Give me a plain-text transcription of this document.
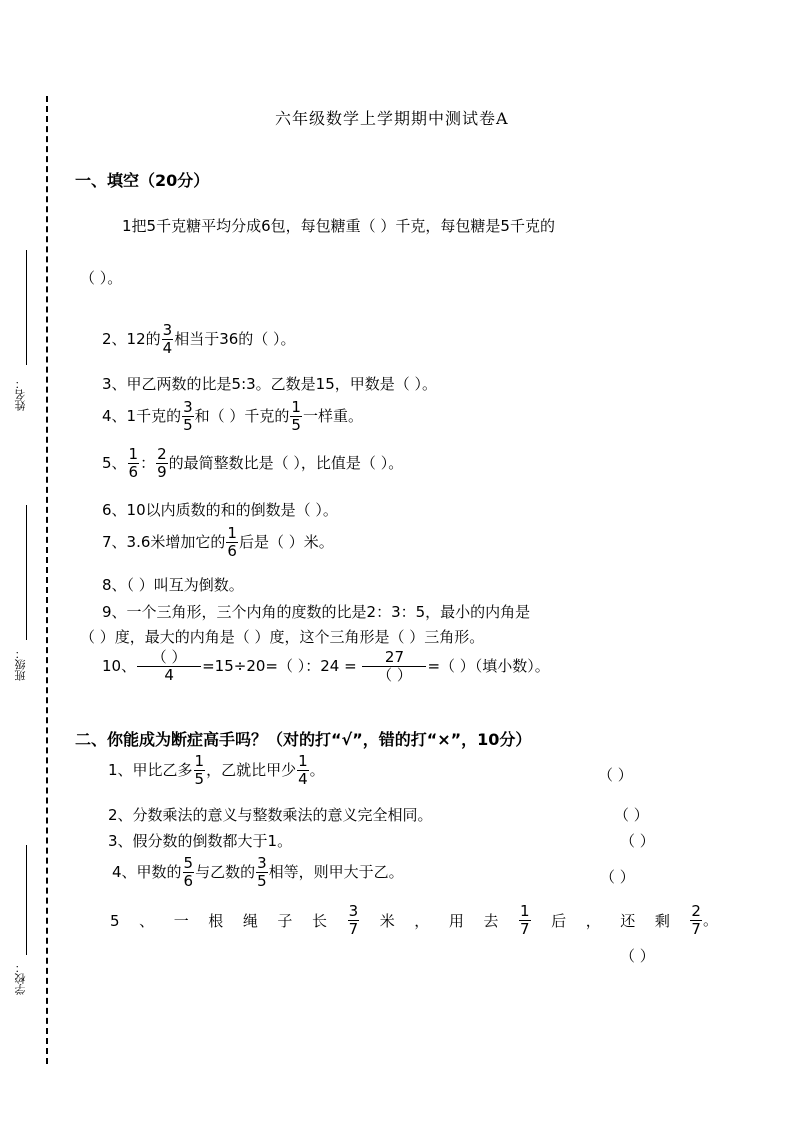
姓名：
班级：
学校：
六年级数学上学期期中测试卷A
一、填空（20分）
1把5千克糖平均分成6包，每包糖重（ ）千克，每包糖是5千克的
（ ）。
2、12的 $\frac{3}{4}$ 相当于36的（ ）。
3、甲乙两数的比是5:3。乙数是15，甲数是（ ）。
4、1千克的 $\frac{3}{5}$ 和（ ）千克的 $\frac{1}{5}$ 一样重。
5、 $\frac{1}{6}$ ： $\frac{2}{9}$ 的最简整数比是（ ），比值是（ ）。
6、10以内质数的和的倒数是（ ）。
7、3.6米增加它的 $\frac{1}{6}$ 后是（ ）米。
8、（ ）叫互为倒数。
9、一个三角形，三个内角的度数的比是2：3：5，最小的内角是
（ ）度，最大的内角是（ ）度，这个三角形是（ ）三角形。
10、 $\frac{( )}{4} =15\div 20=$（ ）：$24 = \frac{27}{( )}$ =（ ）（填小数）。
二、你能成为断症高手吗？（对的打“√”，错的打“×”，10分）
1、甲比乙多 $\frac{1}{5}$ ，乙就比甲少 $\frac{1}{4}$ 。	（ ）
2、分数乘法的意义与整数乘法的意义完全相同。	（ ）
3、假分数的倒数都大于1。	（ ）
4、甲数的 $\frac{5}{6}$ 与乙数的 $\frac{3}{5}$ 相等，则甲大于乙。	（ ）
5 、 一 根 绳 子 长 $\frac{3}{7}$ 米 ， 用 去 $\frac{1}{7}$ 后 ， 还 剩 $\frac{2}{7}$ 。
（ ）
